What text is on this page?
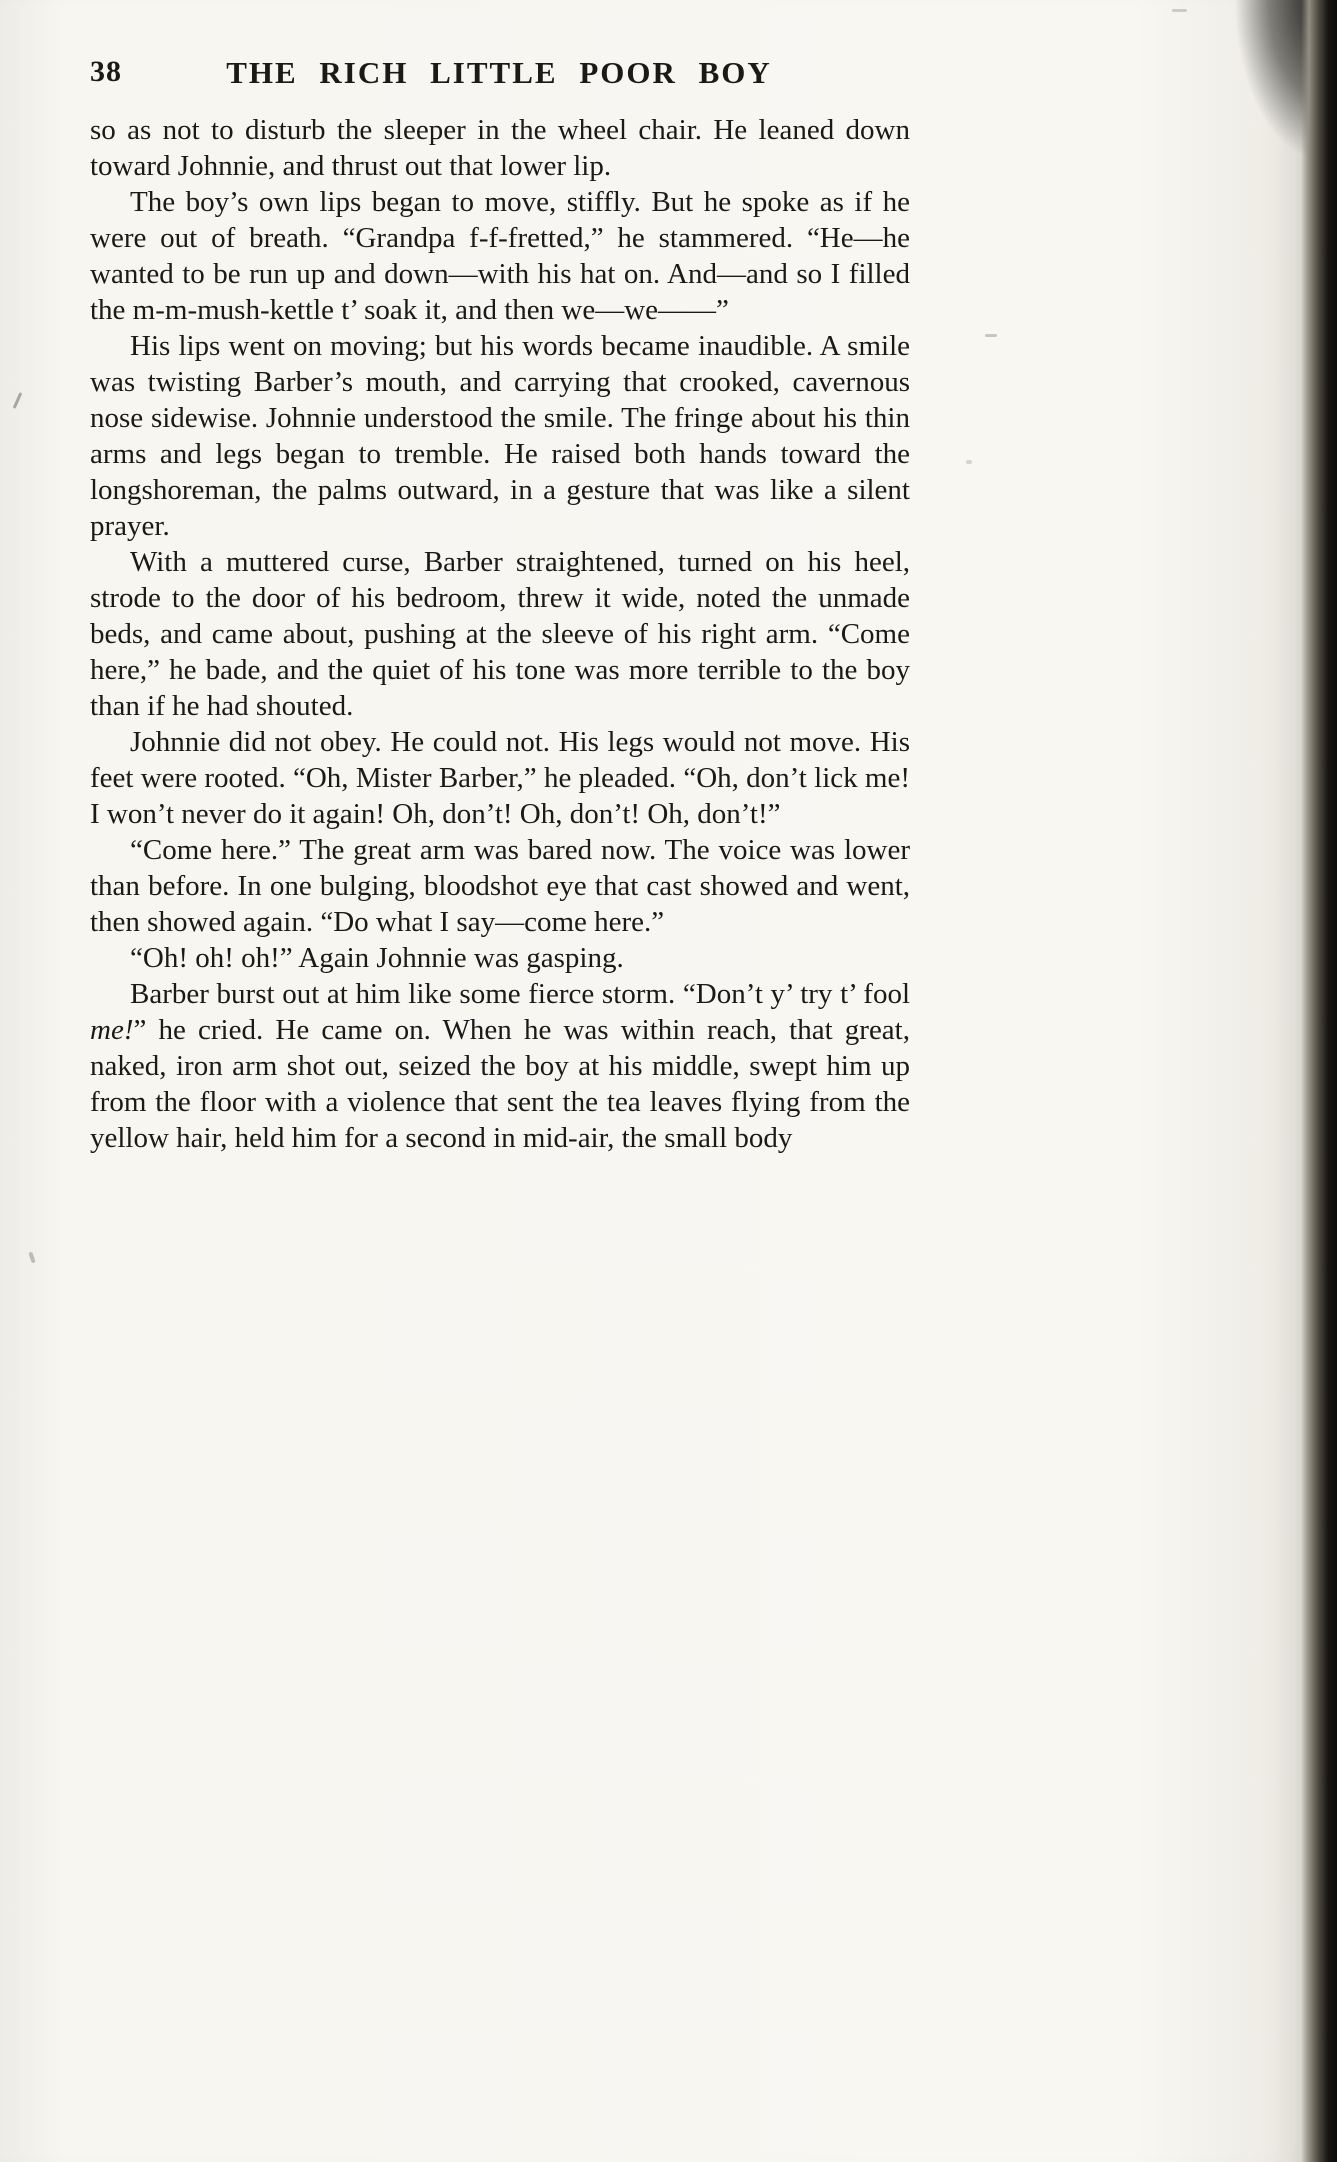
38	THE RICH LITTLE POOR BOY

so as not to disturb the sleeper in the wheel chair. He leaned down toward Johnnie, and thrust out that lower lip.

The boy’s own lips began to move, stiffly. But he spoke as if he were out of breath. “Grandpa f-f-fretted,” he stammered. “He—he wanted to be run up and down—with his hat on. And—and so I filled the m-m-mush-kettle t’ soak it, and then we—we——”

His lips went on moving; but his words became inaudible. A smile was twisting Barber’s mouth, and carrying that crooked, cavernous nose sidewise. Johnnie understood the smile. The fringe about his thin arms and legs began to tremble. He raised both hands toward the longshoreman, the palms outward, in a gesture that was like a silent prayer.

With a muttered curse, Barber straightened, turned on his heel, strode to the door of his bedroom, threw it wide, noted the unmade beds, and came about, pushing at the sleeve of his right arm. “Come here,” he bade, and the quiet of his tone was more terrible to the boy than if he had shouted.

Johnnie did not obey. He could not. His legs would not move. His feet were rooted. “Oh, Mister Barber,” he pleaded. “Oh, don’t lick me! I won’t never do it again! Oh, don’t! Oh, don’t! Oh, don’t!”

“Come here.” The great arm was bared now. The voice was lower than before. In one bulging, bloodshot eye that cast showed and went, then showed again. “Do what I say—come here.”

“Oh! oh! oh!” Again Johnnie was gasping.

Barber burst out at him like some fierce storm. “Don’t y’ try t’ fool me!” he cried. He came on. When he was within reach, that great, naked, iron arm shot out, seized the boy at his middle, swept him up from the floor with a violence that sent the tea leaves flying from the yellow hair, held him for a second in mid-air, the small body
